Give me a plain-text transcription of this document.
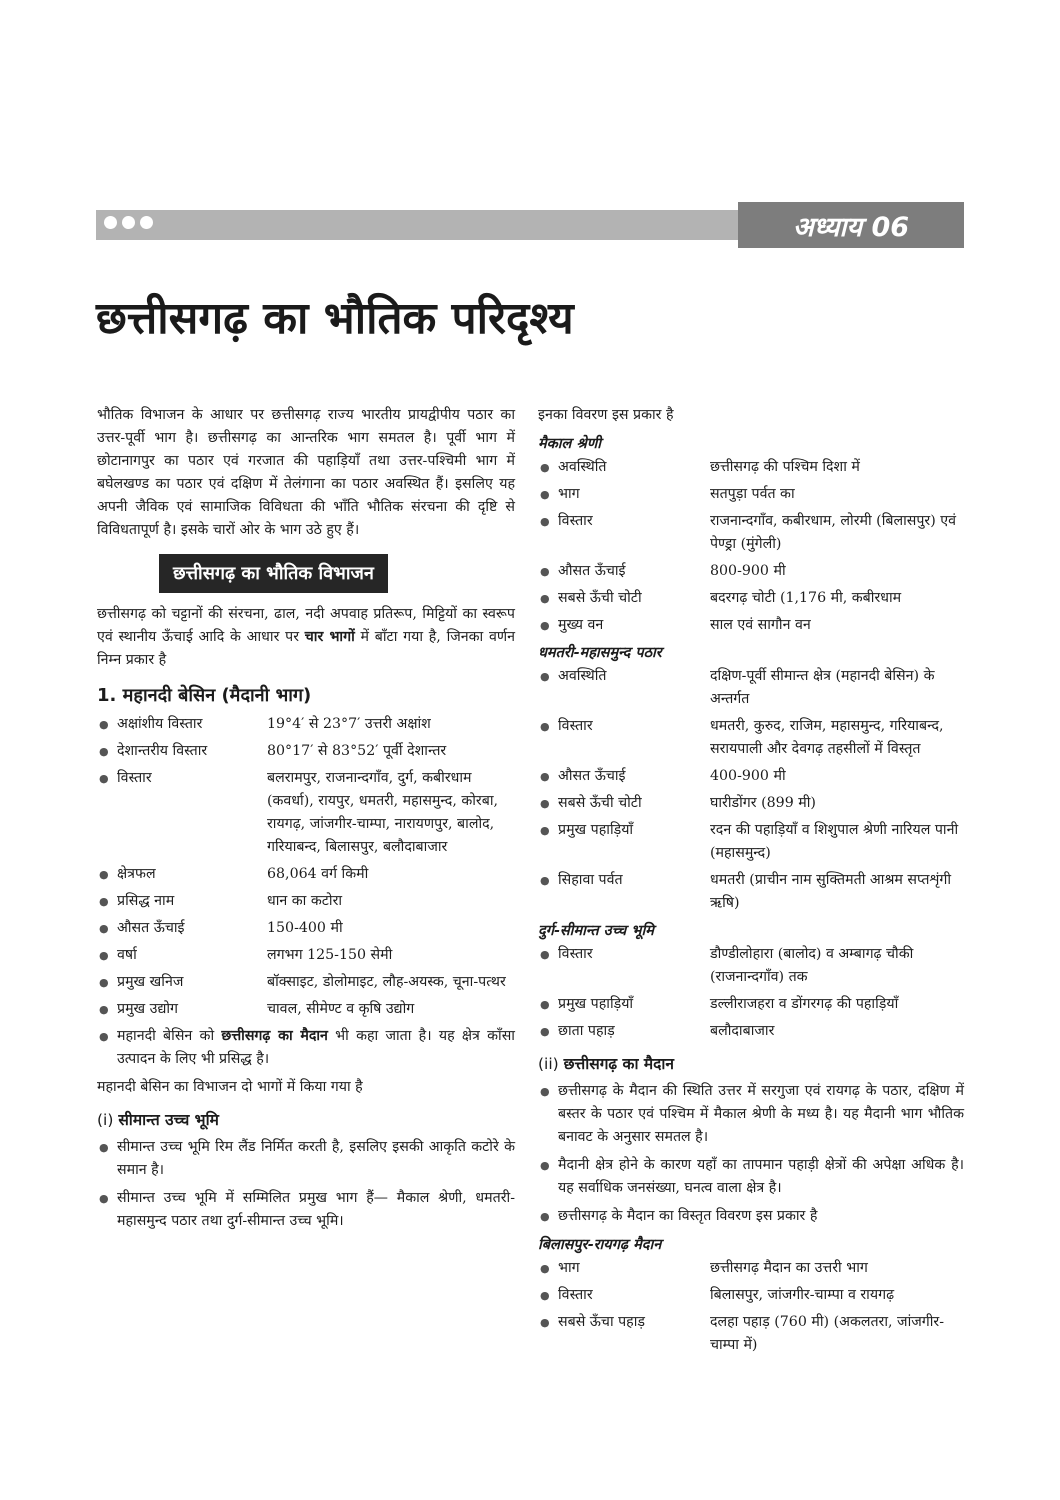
अध्याय 06
छत्तीसगढ़ का भौतिक परिदृश्य

भौतिक विभाजन के आधार पर छत्तीसगढ़ राज्य भारतीय प्रायद्वीपीय पठार का उत्तर-पूर्वी भाग है। छत्तीसगढ़ का आन्तरिक भाग समतल है। पूर्वी भाग में छोटानागपुर का पठार एवं गरजात की पहाड़ियाँ तथा उत्तर-पश्चिमी भाग में बघेलखण्ड का पठार एवं दक्षिण में तेलंगाना का पठार अवस्थित हैं। इसलिए यह अपनी जैविक एवं सामाजिक विविधता की भाँति भौतिक संरचना की दृष्टि से विविधतापूर्ण है। इसके चारों ओर के भाग उठे हुए हैं।

छत्तीसगढ़ का भौतिक विभाजन

छत्तीसगढ़ को चट्टानों की संरचना, ढाल, नदी अपवाह प्रतिरूप, मिट्टियों का स्वरूप एवं स्थानीय ऊँचाई आदि के आधार पर चार भागों में बाँटा गया है, जिनका वर्णन निम्न प्रकार है

1. महानदी बेसिन (मैदानी भाग)
● अक्षांशीय विस्तार	19°4′ से 23°7′ उत्तरी अक्षांश
● देशान्तरीय विस्तार	80°17′ से 83°52′ पूर्वी देशान्तर
● विस्तार	बलरामपुर, राजनान्दगाँव, दुर्ग, कबीरधाम (कवर्धा), रायपुर, धमतरी, महासमुन्द, कोरबा, रायगढ़, जांजगीर-चाम्पा, नारायणपुर, बालोद, गरियाबन्द, बिलासपुर, बलौदाबाजार
● क्षेत्रफल	68,064 वर्ग किमी
● प्रसिद्ध नाम	धान का कटोरा
● औसत ऊँचाई	150-400 मी
● वर्षा	लगभग 125-150 सेमी
● प्रमुख खनिज	बॉक्साइट, डोलोमाइट, लौह-अयस्क, चूना-पत्थर
● प्रमुख उद्योग	चावल, सीमेण्ट व कृषि उद्योग
● महानदी बेसिन को छत्तीसगढ़ का मैदान भी कहा जाता है। यह क्षेत्र काँसा उत्पादन के लिए भी प्रसिद्ध है।

महानदी बेसिन का विभाजन दो भागों में किया गया है

(i) सीमान्त उच्च भूमि
● सीमान्त उच्च भूमि रिम लैंड निर्मित करती है, इसलिए इसकी आकृति कटोरे के समान है।
● सीमान्त उच्च भूमि में सम्मिलित प्रमुख भाग हैं— मैकाल श्रेणी, धमतरी-महासमुन्द पठार तथा दुर्ग-सीमान्त उच्च भूमि।

इनका विवरण इस प्रकार है

मैकाल श्रेणी
● अवस्थिति	छत्तीसगढ़ की पश्चिम दिशा में
● भाग	सतपुड़ा पर्वत का
● विस्तार	राजनान्दगाँव, कबीरधाम, लोरमी (बिलासपुर) एवं पेण्ड्रा (मुंगेली)
● औसत ऊँचाई	800-900 मी
● सबसे ऊँची चोटी	बदरगढ़ चोटी (1,176 मी, कबीरधाम
● मुख्य वन	साल एवं सागौन वन
धमतरी-महासमुन्द पठार
● अवस्थिति	दक्षिण-पूर्वी सीमान्त क्षेत्र (महानदी बेसिन) के अन्तर्गत
● विस्तार	धमतरी, कुरुद, राजिम, महासमुन्द, गरियाबन्द, सरायपाली और देवगढ़ तहसीलों में विस्तृत
● औसत ऊँचाई	400-900 मी
● सबसे ऊँची चोटी	घारीडोंगर (899 मी)
● प्रमुख पहाड़ियाँ	रदन की पहाड़ियाँ व शिशुपाल श्रेणी नारियल पानी (महासमुन्द)
● सिहावा पर्वत	धमतरी (प्राचीन नाम सुक्तिमती आश्रम सप्तशृंगी ऋषि)
दुर्ग-सीमान्त उच्च भूमि
● विस्तार	डौण्डीलोहारा (बालोद) व अम्बागढ़ चौकी (राजनान्दगाँव) तक
● प्रमुख पहाड़ियाँ	डल्लीराजहरा व डोंगरगढ़ की पहाड़ियाँ
● छाता पहाड़	बलौदाबाजार
(ii) छत्तीसगढ़ का मैदान
● छत्तीसगढ़ के मैदान की स्थिति उत्तर में सरगुजा एवं रायगढ़ के पठार, दक्षिण में बस्तर के पठार एवं पश्चिम में मैकाल श्रेणी के मध्य है। यह मैदानी भाग भौतिक बनावट के अनुसार समतल है।
● मैदानी क्षेत्र होने के कारण यहाँ का तापमान पहाड़ी क्षेत्रों की अपेक्षा अधिक है। यह सर्वाधिक जनसंख्या, घनत्व वाला क्षेत्र है।
● छत्तीसगढ़ के मैदान का विस्तृत विवरण इस प्रकार है
बिलासपुर-रायगढ़ मैदान
● भाग	छत्तीसगढ़ मैदान का उत्तरी भाग
● विस्तार	बिलासपुर, जांजगीर-चाम्पा व रायगढ़
● सबसे ऊँचा पहाड़	दलहा पहाड़ (760 मी) (अकलतरा, जांजगीर-चाम्पा में)
